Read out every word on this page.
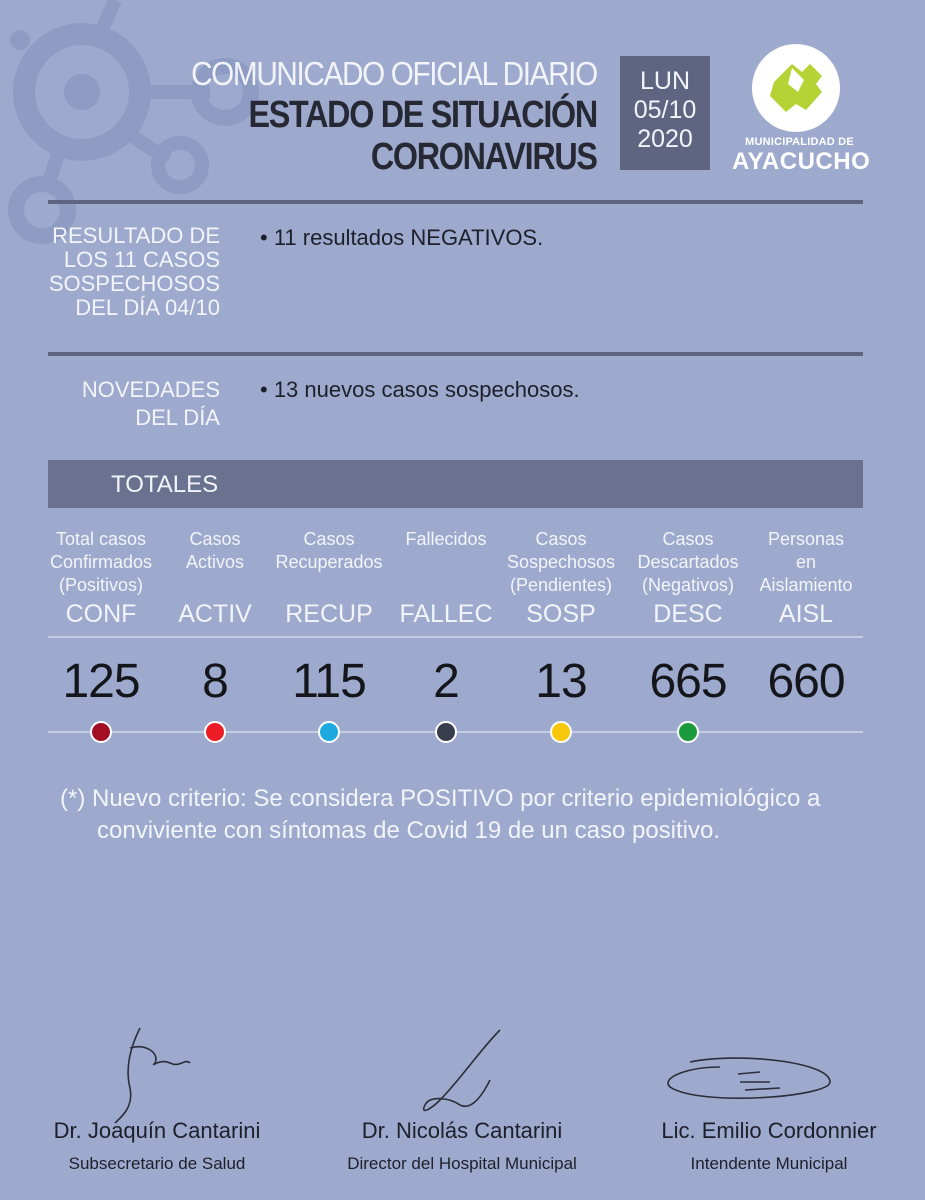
COMUNICADO OFICIAL DIARIO
ESTADO DE SITUACIÓN
CORONAVIRUS
LUN
05/10
2020	MUNICIPALIDAD DE
AYACUCHO
RESULTADO DE
LOS 11 CASOS
SOSPECHOSOS
DEL DÍA 04/10
• 11 resultados NEGATIVOS.
NOVEDADES
DEL DÍA
• 13 nuevos casos sospechosos.
TOTALES
Total casos
Confirmados
(Positivos)
CONF
125
Casos
Activos
ACTIV
8
Casos
Recuperados
RECUP
115
Fallecidos
FALLEC
2
Casos
Sospechosos
(Pendientes)
SOSP
13
Casos
Descartados
(Negativos)
DESC
665
Personas
en
Aislamiento
AISL
660
(*) Nuevo criterio: Se considera POSITIVO por criterio epidemiológico a
conviviente con síntomas de Covid 19 de un caso positivo.
Dr. Joaquín Cantarini
Subsecretario de Salud
Dr. Nicolás Cantarini
Director del Hospital Municipal
Lic. Emilio Cordonnier
Intendente Municipal
